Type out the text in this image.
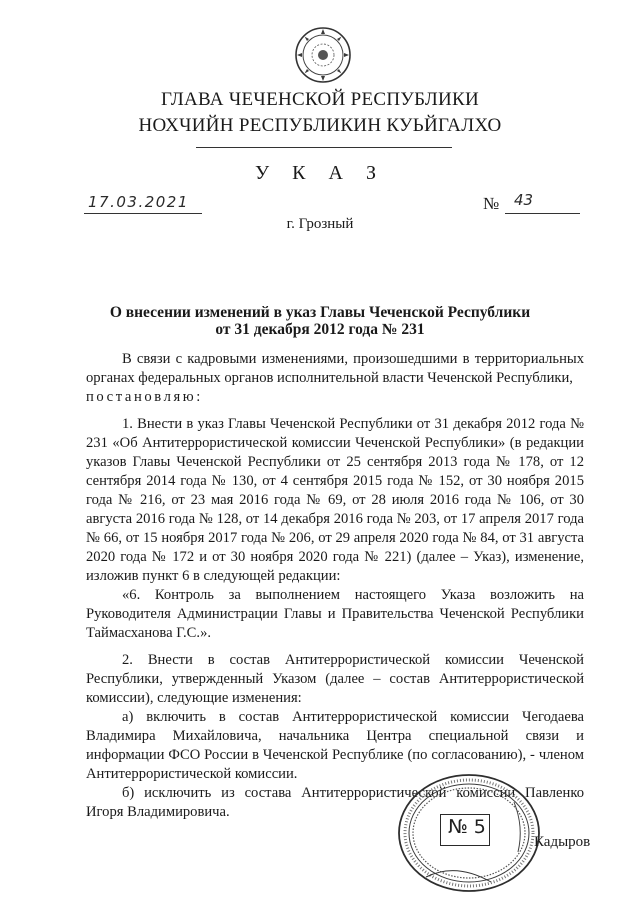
ГЛАВА ЧЕЧЕНСКОЙ РЕСПУБЛИКИ
НОХЧИЙН РЕСПУБЛИКИН КУЬЙГАЛХО
У К А З
17.03.2021	№ 43
г. Грозный
О внесении изменений в указ Главы Чеченской Республики
от 31 декабря 2012 года № 231

В связи с кадровыми изменениями, произошедшими в территориальных органах федеральных органов исполнительной власти Чеченской Республики,

постановляю:

1. Внести в указ Главы Чеченской Республики от 31 декабря 2012 года № 231 «Об Антитеррористической комиссии Чеченской Республики» (в редакции указов Главы Чеченской Республики от 25 сентября 2013 года № 178, от 12 сентября 2014 года № 130, от 4 сентября 2015 года № 152, от 30 ноября 2015 года № 216, от 23 мая 2016 года № 69, от 28 июля 2016 года № 106, от 30 августа 2016 года № 128, от 14 декабря 2016 года № 203, от 17 апреля 2017 года № 66, от 15 ноября 2017 года № 206, от 29 апреля 2020 года № 84, от 31 августа 2020 года № 172 и от 30 ноября 2020 года № 221) (далее – Указ), изменение, изложив пункт 6 в следующей редакции:

«6. Контроль за выполнением настоящего Указа возложить на Руководителя Администрации Главы и Правительства Чеченской Республики Таймасханова Г.С.».

2. Внести в состав Антитеррористической комиссии Чеченской Республики, утвержденный Указом (далее – состав Антитеррористической комиссии), следующие изменения:

а) включить в состав Антитеррористической комиссии Чегодаева Владимира Михайловича, начальника Центра специальной связи и информации ФСО России в Чеченской Республике (по согласованию), - членом Антитеррористической комиссии.

б) исключить из состава Антитеррористической комиссии Павленко Игоря Владимировича.

№ 5
Кадыров
